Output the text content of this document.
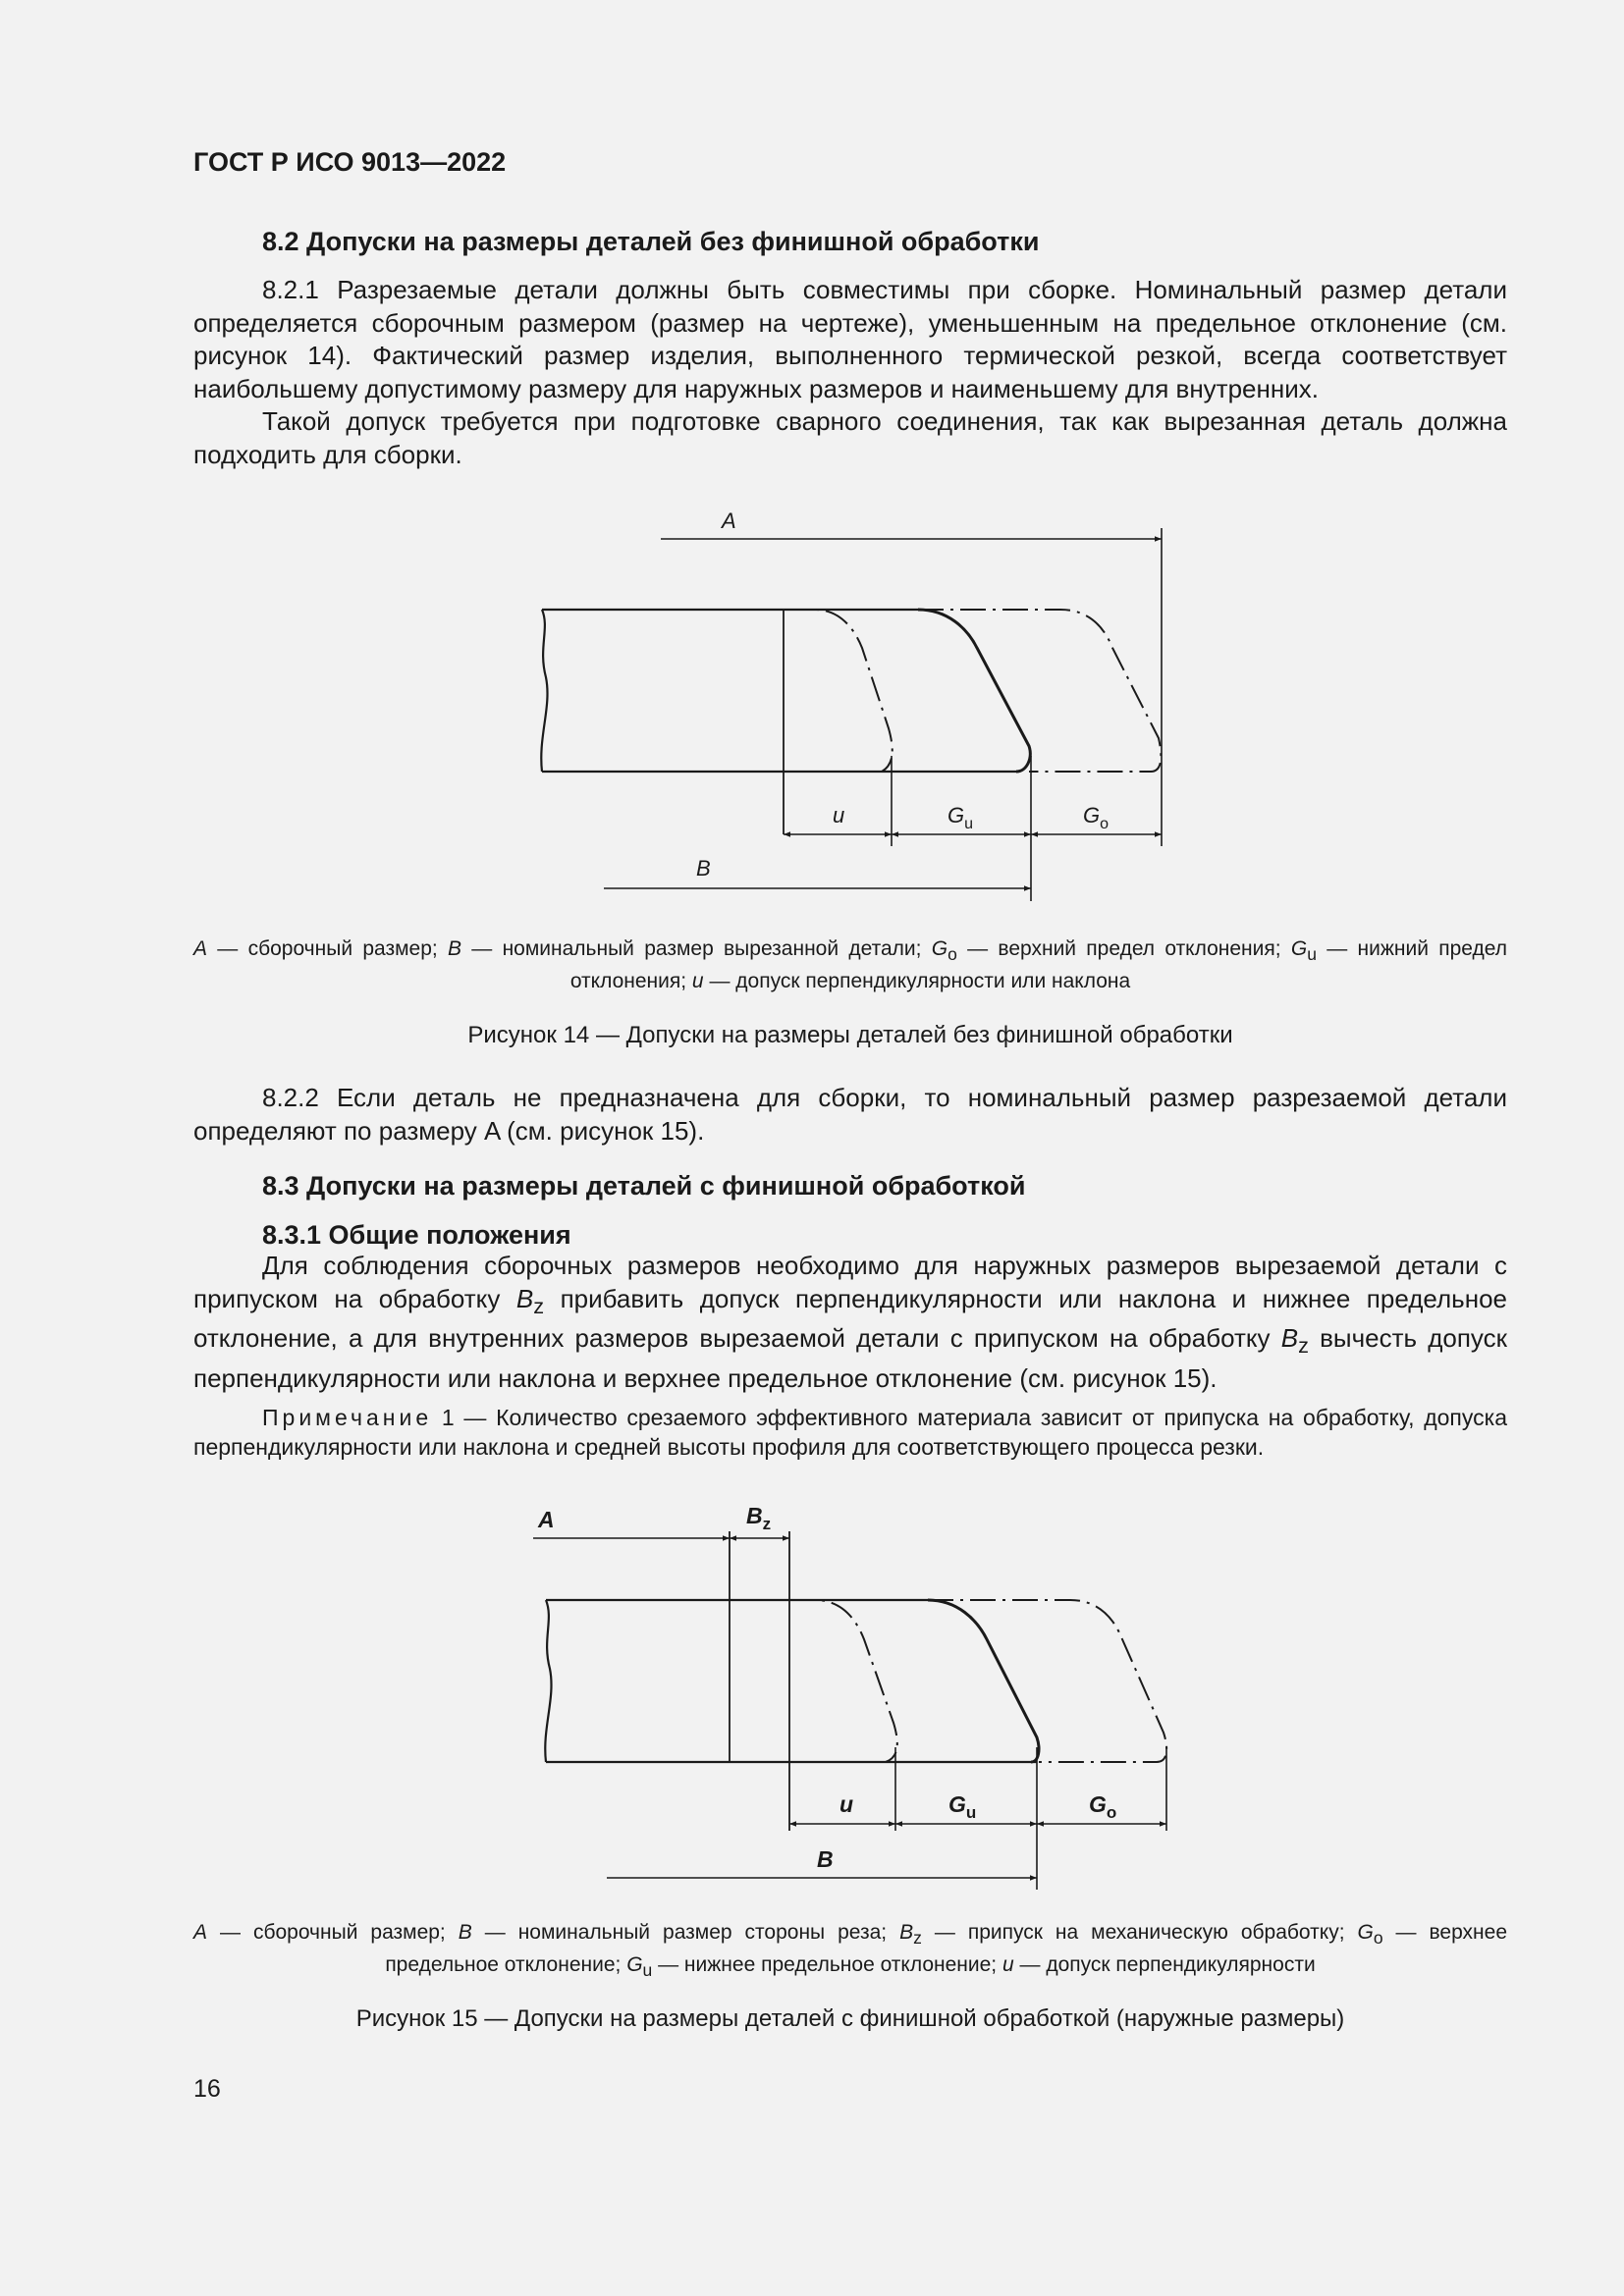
ГОСТ Р ИСО 9013—2022
8.2 Допуски на размеры деталей без финишной обработки

8.2.1 Разрезаемые детали должны быть совместимы при сборке. Номинальный размер детали определяется сборочным размером (размер на чертеже), уменьшенным на предельное отклонение (см. рисунок 14). Фактический размер изделия, выполненного термической резкой, всегда соответствует наибольшему допустимому размеру для наружных размеров и наименьшему для внутренних.

Такой допуск требуется при подготовке сварного соединения, так как вырезанная деталь должна подходить для сборки.

A
u	$G_u$	$G_o$
B
A — сборочный размер; B — номинальный размер вырезанной детали; $G_o$ — верхний предел отклонения; $G_u$ — нижний предел
отклонения; u — допуск перпендикулярности или наклона
Рисунок 14 — Допуски на размеры деталей без финишной обработки

8.2.2 Если деталь не предназначена для сборки, то номинальный размер разрезаемой детали определяют по размеру A (см. рисунок 15).

8.3 Допуски на размеры деталей с финишной обработкой
8.3.1 Общие положения

Для соблюдения сборочных размеров необходимо для наружных размеров вырезаемой детали с припуском на обработку $B_z$ прибавить допуск перпендикулярности или наклона и нижнее предельное отклонение, а для внутренних размеров вырезаемой детали с припуском на обработку $B_z$ вычесть допуск перпендикулярности или наклона и верхнее предельное отклонение (см. рисунок 15).

Примечание 1 — Количество срезаемого эффективного материала зависит от припуска на обработку, допуска перпендикулярности или наклона и средней высоты профиля для соответствующего процесса резки.

A	$B_z$
u	$G_u$	$G_o$
B
A — сборочный размер; B — номинальный размер стороны реза; $B_z$ — припуск на механическую обработку; $G_o$ — верхнее
предельное отклонение; $G_u$ — нижнее предельное отклонение; u — допуск перпендикулярности
Рисунок 15 — Допуски на размеры деталей с финишной обработкой (наружные размеры)
16
